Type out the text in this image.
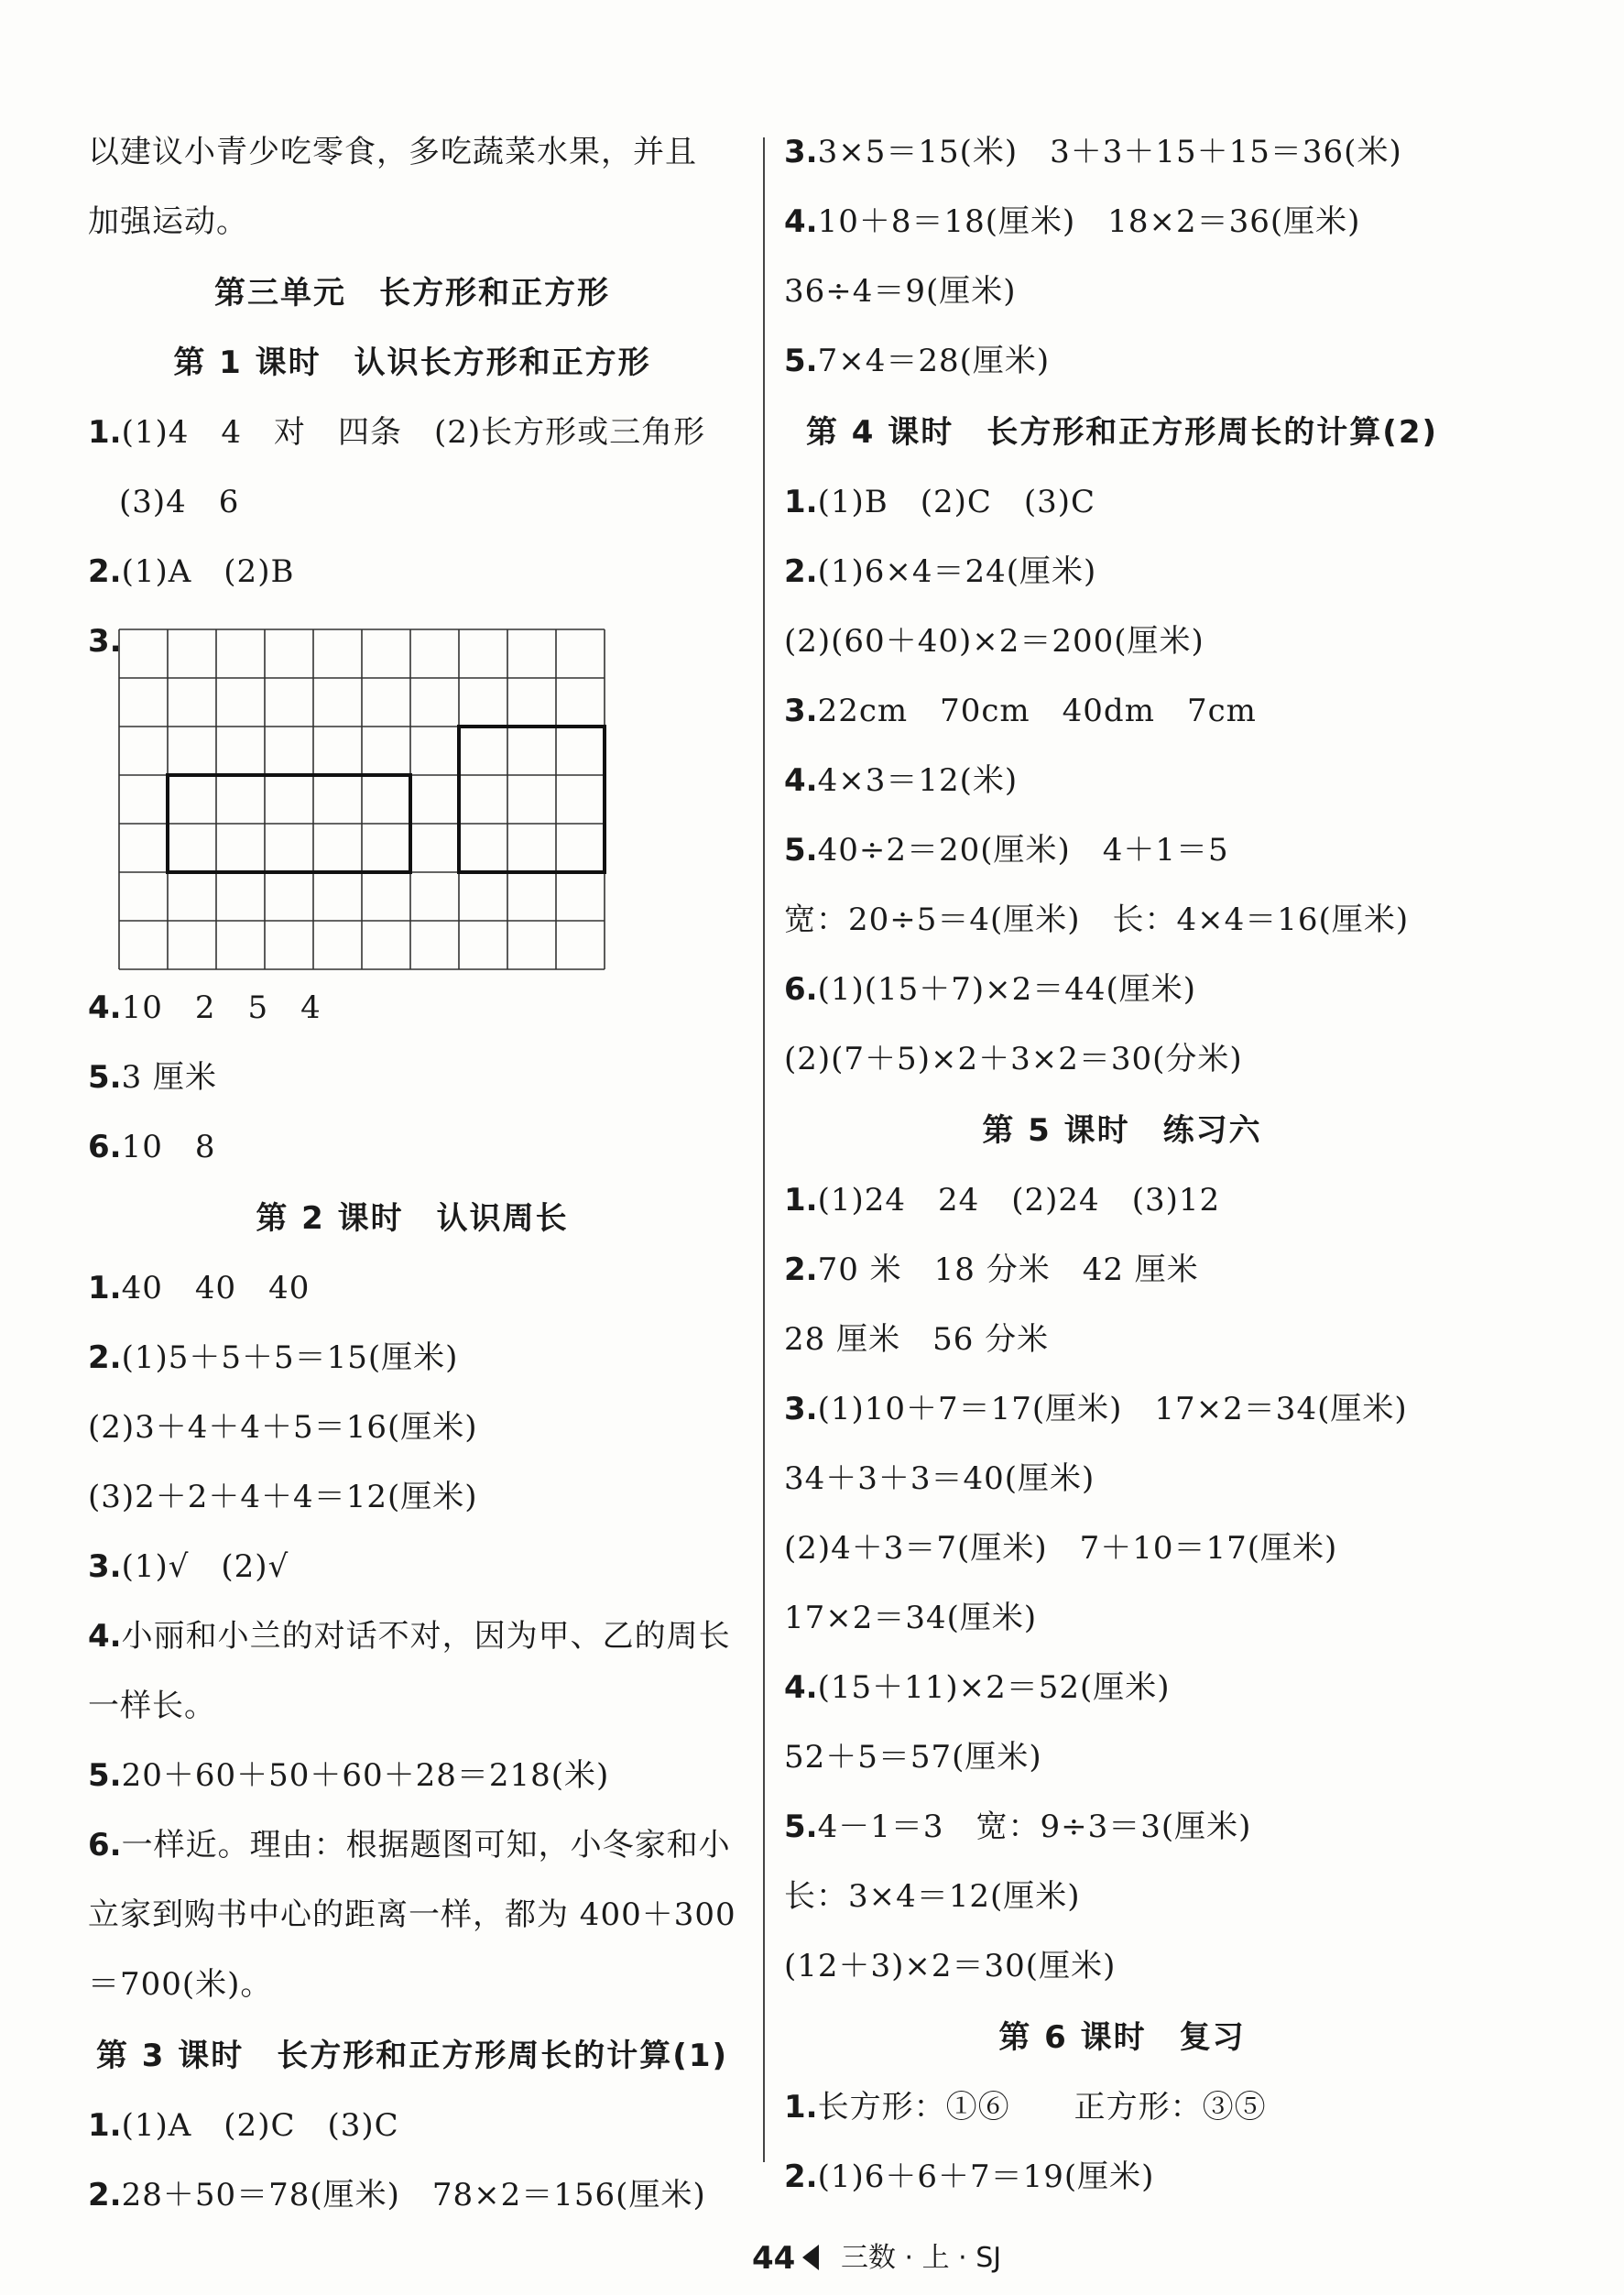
以建议小青少吃零食，多吃蔬菜水果，并且
加强运动。
第三单元　长方形和正方形
第 1 课时　认识长方形和正方形
1.(1)4　4　对　四条　(2)长方形或三角形
(3)4　6
2.(1)A　(2)B
3.
4.10　2　5　4
5.3 厘米
6.10　8
第 2 课时　认识周长
1.40　40　40
2.(1)5＋5＋5＝15(厘米)
(2)3＋4＋4＋5＝16(厘米)
(3)2＋2＋4＋4＝12(厘米)
3.(1)√　(2)√
4.小丽和小兰的对话不对，因为甲、乙的周长
一样长。
5.20＋60＋50＋60＋28＝218(米)
6.一样近。理由：根据题图可知，小冬家和小
立家到购书中心的距离一样，都为 400＋300
＝700(米)。
第 3 课时　长方形和正方形周长的计算(1)
1.(1)A　(2)C　(3)C
2.28＋50＝78(厘米)　78×2＝156(厘米)
3.3×5＝15(米)　3＋3＋15＋15＝36(米)
4.10＋8＝18(厘米)　18×2＝36(厘米)
36÷4＝9(厘米)
5.7×4＝28(厘米)
第 4 课时　长方形和正方形周长的计算(2)
1.(1)B　(2)C　(3)C
2.(1)6×4＝24(厘米)
(2)(60＋40)×2＝200(厘米)
3.22cm　70cm　40dm　7cm
4.4×3＝12(米)
5.40÷2＝20(厘米)　4＋1＝5
宽：20÷5＝4(厘米)　长：4×4＝16(厘米)
6.(1)(15＋7)×2＝44(厘米)
(2)(7＋5)×2＋3×2＝30(分米)
第 5 课时　练习六
1.(1)24　24　(2)24　(3)12
2.70 米　18 分米　42 厘米
28 厘米　56 分米
3.(1)10＋7＝17(厘米)　17×2＝34(厘米)
34＋3＋3＝40(厘米)
(2)4＋3＝7(厘米)　7＋10＝17(厘米)
17×2＝34(厘米)
4.(15＋11)×2＝52(厘米)
52＋5＝57(厘米)
5.4－1＝3　宽：9÷3＝3(厘米)
长：3×4＝12(厘米)
(12＋3)×2＝30(厘米)
第 6 课时　复习
1.长方形：①⑥　　正方形：③⑤
2.(1)6＋6＋7＝19(厘米)
44 三数 · 上 · SJ
